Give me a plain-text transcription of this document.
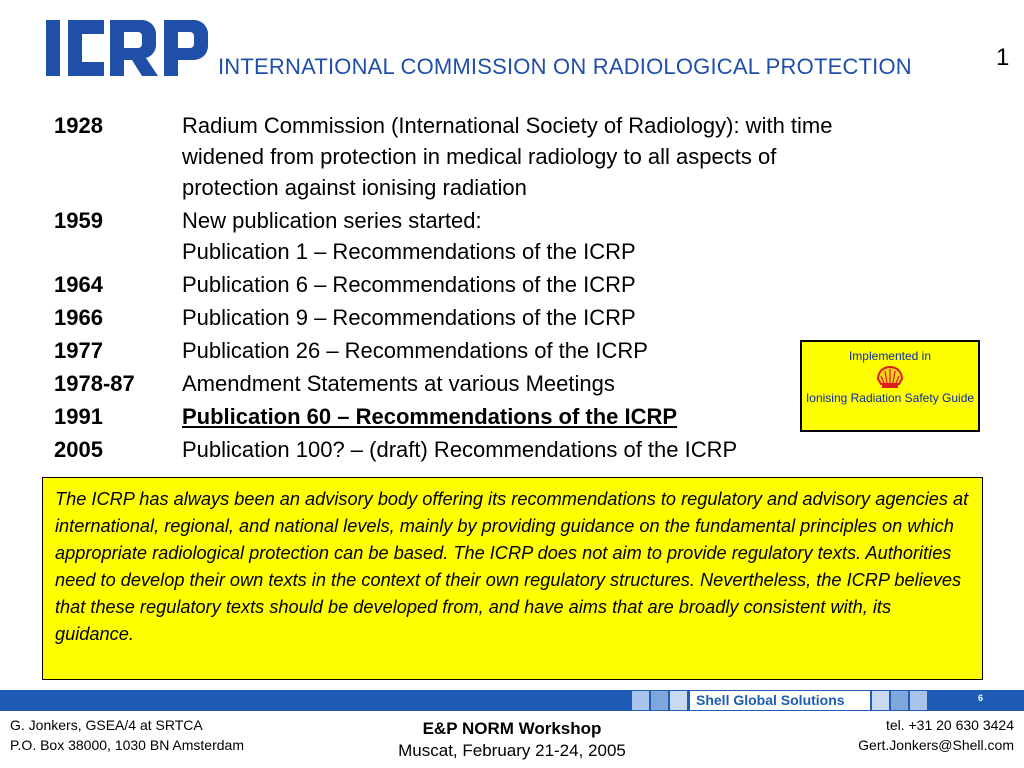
INTERNATIONAL COMMISSION ON RADIOLOGICAL PROTECTION	1
1928	Radium Commission (International Society of Radiology): with time
widened from protection in medical radiology to all aspects of
protection against ionising radiation
1959	New publication series started:
Publication 1 – Recommendations of the ICRP
1964	Publication 6 – Recommendations of the ICRP
1966	Publication 9 – Recommendations of the ICRP
1977	Publication 26 – Recommendations of the ICRP
1978-87	Amendment Statements at various Meetings
1991	Publication 60 – Recommendations of the ICRP
2005	Publication 100? – (draft) Recommendations of the ICRP
Implemented in
Ionising Radiation Safety Guide
The ICRP has always been an advisory body offering its recommendations to regulatory and advisory agencies at international, regional, and national levels, mainly by providing guidance on the fundamental principles on which appropriate radiological protection can be based. The ICRP does not aim to provide regulatory texts. Authorities need to develop their own texts in the context of their own regulatory structures. Nevertheless, the ICRP believes that these regulatory texts should be developed from, and have aims that are broadly consistent with, its guidance.
Shell Global Solutions	6
G. Jonkers, GSEA/4 at SRTCA
P.O. Box 38000, 1030 BN Amsterdam
E&P NORM Workshop
Muscat, February 21-24, 2005
tel. +31 20 630 3424
Gert.Jonkers@Shell.com
